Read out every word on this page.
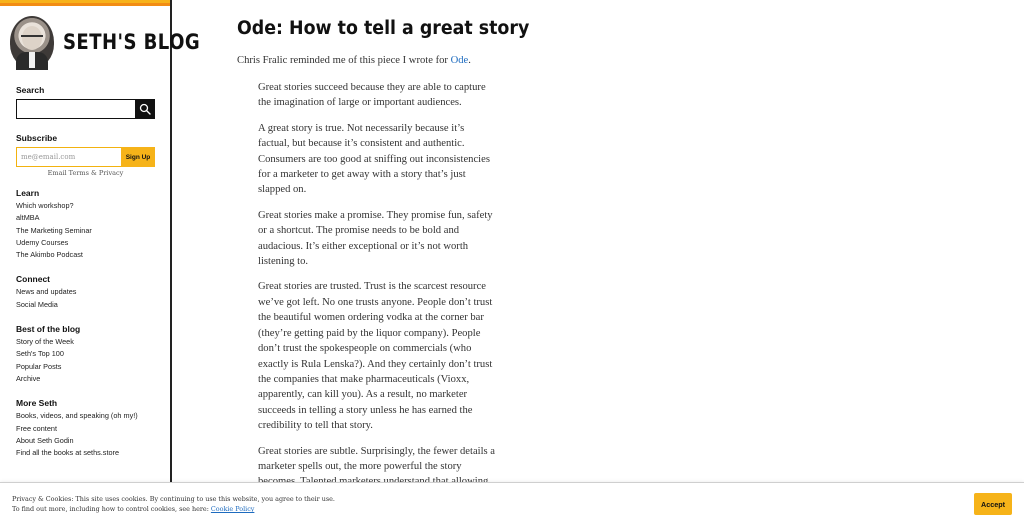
SETH'S BLOG
Search
Subscribe
me@email.com
Sign Up
Email Terms & Privacy
Learn
Which workshop?
altMBA
The Marketing Seminar
Udemy Courses
The Akimbo Podcast
Connect
News and updates
Social Media
Best of the blog
Story of the Week
Seth's Top 100
Popular Posts
Archive
More Seth
Books, videos, and speaking (oh my!)
Free content
About Seth Godin
Find all the books at seths.store
Ode: How to tell a great story
Chris Fralic reminded me of this piece I wrote for Ode.

Great stories succeed because they are able to capture the imagination of large or important audiences.

A great story is true. Not necessarily because it’s factual, but because it’s consistent and authentic. Consumers are too good at sniffing out inconsistencies for a marketer to get away with a story that’s just slapped on.

Great stories make a promise. They promise fun, safety or a shortcut. The promise needs to be bold and audacious. It’s either exceptional or it’s not worth listening to.

Great stories are trusted. Trust is the scarcest resource we’ve got left. No one trusts anyone. People don’t trust the beautiful women ordering vodka at the corner bar (they’re getting paid by the liquor company). People don’t trust the spokespeople on commercials (who exactly is Rula Lenska?). And they certainly don’t trust the companies that make pharmaceuticals (Vioxx, apparently, can kill you). As a result, no marketer succeeds in telling a story unless he has earned the credibility to tell that story.

Great stories are subtle. Surprisingly, the fewer details a marketer spells out, the more powerful the story

Privacy & Cookies: This site uses cookies. By continuing to use this website, you agree to their use.
To find out more, including how to control cookies, see here: Cookie Policy
Accept
